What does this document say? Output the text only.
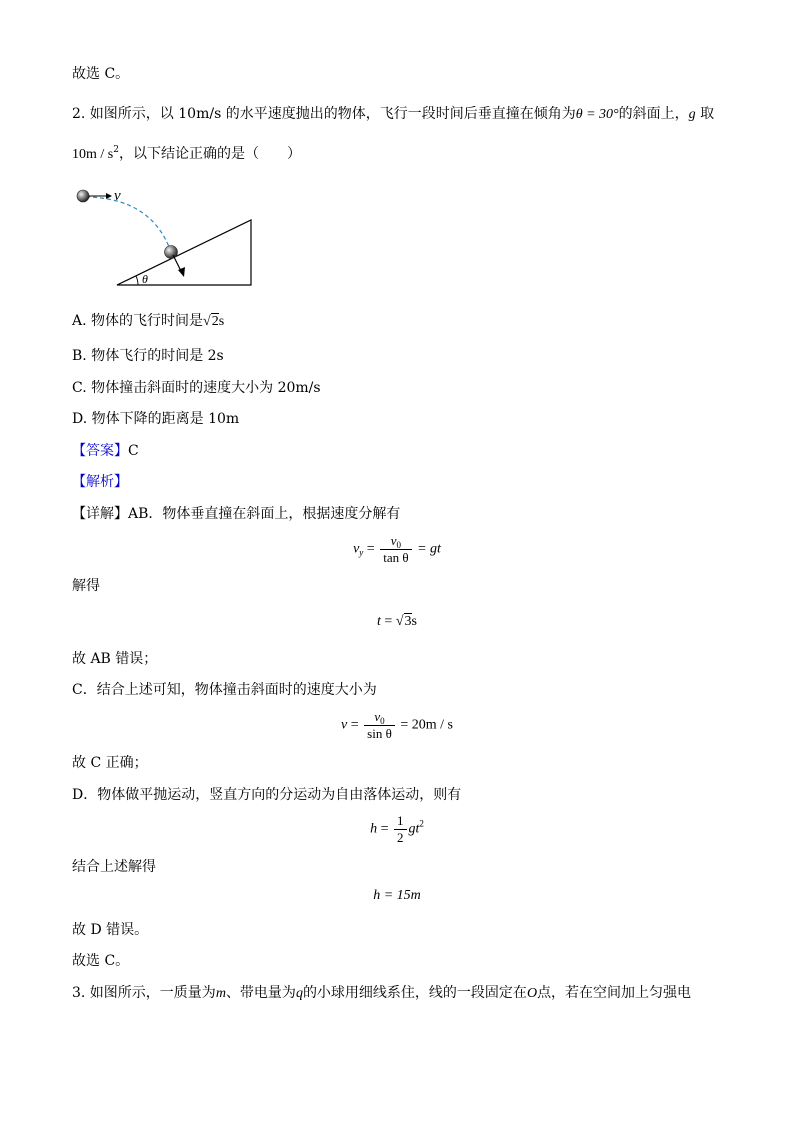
故选 C。
2. 如图所示，以 10m/s 的水平速度抛出的物体，飞行一段时间后垂直撞在倾角为θ = 30°的斜面上，g 取
$10m / s^2$，以下结论正确的是（　　）
θ
v
A. 物体的飞行时间是√2s
B. 物体飞行的时间是 2s
C. 物体撞击斜面时的速度大小为 20m/s
D. 物体下降的距离是 10m
【答案】C
【解析】
【详解】AB．物体垂直撞在斜面上，根据速度分解有
$v_y = \frac{v_0}{\text{tan θ}}$ = gt
解得
t = √3s
故 AB 错误；
C．结合上述可知，物体撞击斜面时的速度大小为
$v = \frac{v_0}{\text{sin θ}} = 20m / s$
故 C 正确；
D．物体做平抛运动，竖直方向的分运动为自由落体运动，则有
$h = \frac{1}{2} gt^2$
结合上述解得
h = 15m
故 D 错误。
故选 C。
3. 如图所示，一质量为m、带电量为q的小球用细线系住，线的一段固定在O点，若在空间加上匀强电
